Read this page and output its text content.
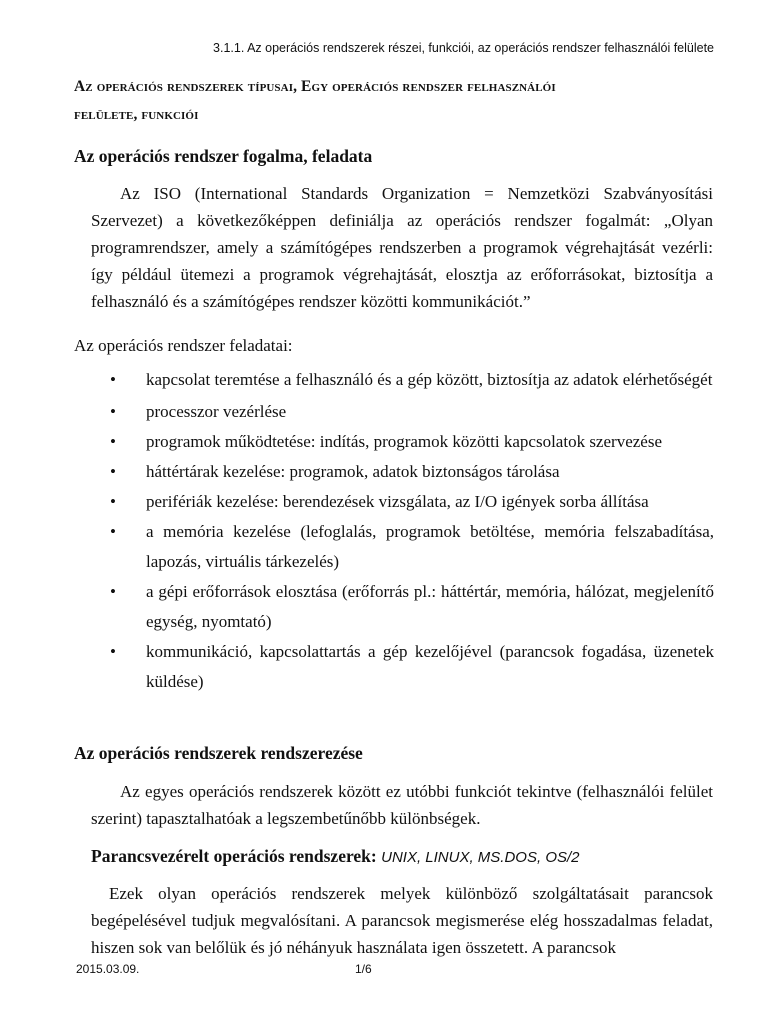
3.1.1. Az operációs rendszerek részei, funkciói, az operációs rendszer felhasználói felülete
Az operációs rendszerek típusai, Egy operációs rendszer felhasználói
felülete, funkciói
Az operációs rendszer fogalma, feladata
Az ISO (International Standards Organization = Nemzetközi Szabványosítási Szervezet) a következőképpen definiálja az operációs rendszer fogalmát: „Olyan programrendszer, amely a számítógépes rendszerben a programok végrehajtását vezérli: így például ütemezi a programok végrehajtását, elosztja az erőforrásokat, biztosítja a felhasználó és a számítógépes rendszer közötti kommunikációt.”
Az operációs rendszer feladatai:
• kapcsolat teremtése a felhasználó és a gép között, biztosítja az adatok elérhetőségét
• processzor vezérlése
• programok működtetése: indítás, programok közötti kapcsolatok szervezése
• háttértárak kezelése: programok, adatok biztonságos tárolása
• perifériák kezelése: berendezések vizsgálata, az I/O igények sorba állítása
• a memória kezelése (lefoglalás, programok betöltése, memória felszabadítása, lapozás, virtuális tárkezelés)
• a gépi erőforrások elosztása (erőforrás pl.: háttértár, memória, hálózat, megjelenítő egység, nyomtató)
• kommunikáció, kapcsolattartás a gép kezelőjével (parancsok fogadása, üzenetek küldése)
Az operációs rendszerek rendszerezése
Az egyes operációs rendszerek között ez utóbbi funkciót tekintve (felhasználói felület szerint) tapasztalhatóak a legszembetűnőbb különbségek.
Parancsvezérelt operációs rendszerek: UNIX, LINUX, MS.DOS, OS/2
Ezek olyan operációs rendszerek melyek különböző szolgáltatásait parancsok begépelésével tudjuk megvalósítani. A parancsok megismerése elég hosszadalmas feladat, hiszen sok van belőlük és jó néhányuk használata igen összetett. A parancsok
2015.03.09.	1/6
